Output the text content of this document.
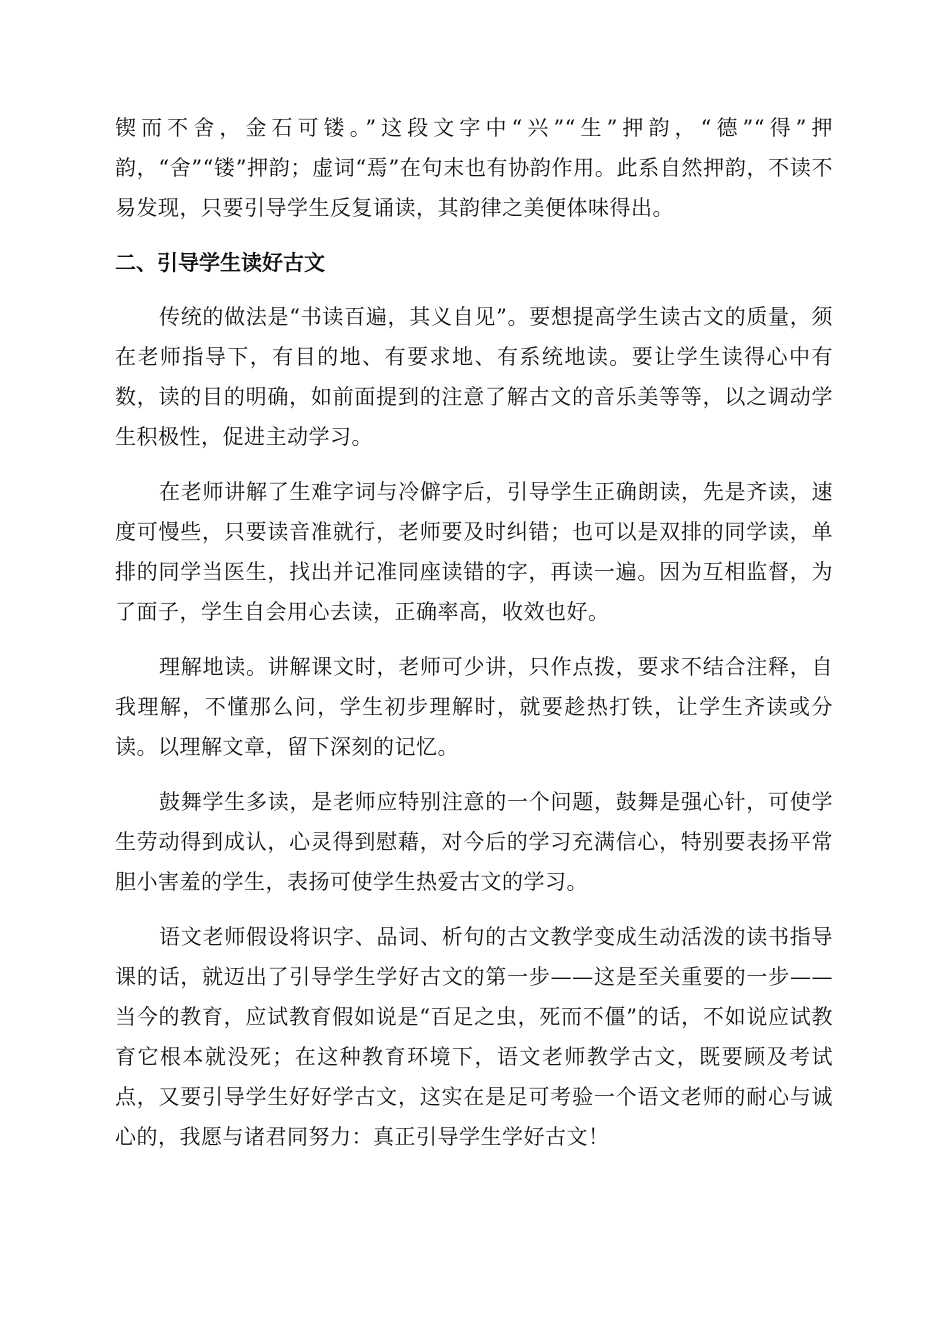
锲而不舍，金石可镂。”这段文字中“兴”“生”押韵，“德”“得”押韵，“舍”“镂”押韵；虚词“焉”在句末也有协韵作用。此系自然押韵，不读不易发现，只要引导学生反复诵读，其韵律之美便体味得出。

二、引导学生读好古文

传统的做法是“书读百遍，其义自见”。要想提高学生读古文的质量，须在老师指导下，有目的地、有要求地、有系统地读。要让学生读得心中有数，读的目的明确，如前面提到的注意了解古文的音乐美等等，以之调动学生积极性，促进主动学习。

在老师讲解了生难字词与冷僻字后，引导学生正确朗读，先是齐读，速度可慢些，只要读音准就行，老师要及时纠错；也可以是双排的同学读，单排的同学当医生，找出并记准同座读错的字，再读一遍。因为互相监督，为了面子，学生自会用心去读，正确率高，收效也好。

理解地读。讲解课文时，老师可少讲，只作点拨，要求不结合注释，自我理解，不懂那么问，学生初步理解时，就要趁热打铁，让学生齐读或分读。以理解文章，留下深刻的记忆。

鼓舞学生多读，是老师应特别注意的一个问题，鼓舞是强心针，可使学生劳动得到成认，心灵得到慰藉，对今后的学习充满信心，特别要表扬平常胆小害羞的学生，表扬可使学生热爱古文的学习。

语文老师假设将识字、品词、析句的古文教学变成生动活泼的读书指导课的话，就迈出了引导学生学好古文的第一步——这是至关重要的一步——当今的教育，应试教育假如说是“百足之虫，死而不僵”的话，不如说应试教育它根本就没死；在这种教育环境下，语文老师教学古文，既要顾及考试点，又要引导学生好好学古文，这实在是足可考验一个语文老师的耐心与诚心的，我愿与诸君同努力：真正引导学生学好古文！
